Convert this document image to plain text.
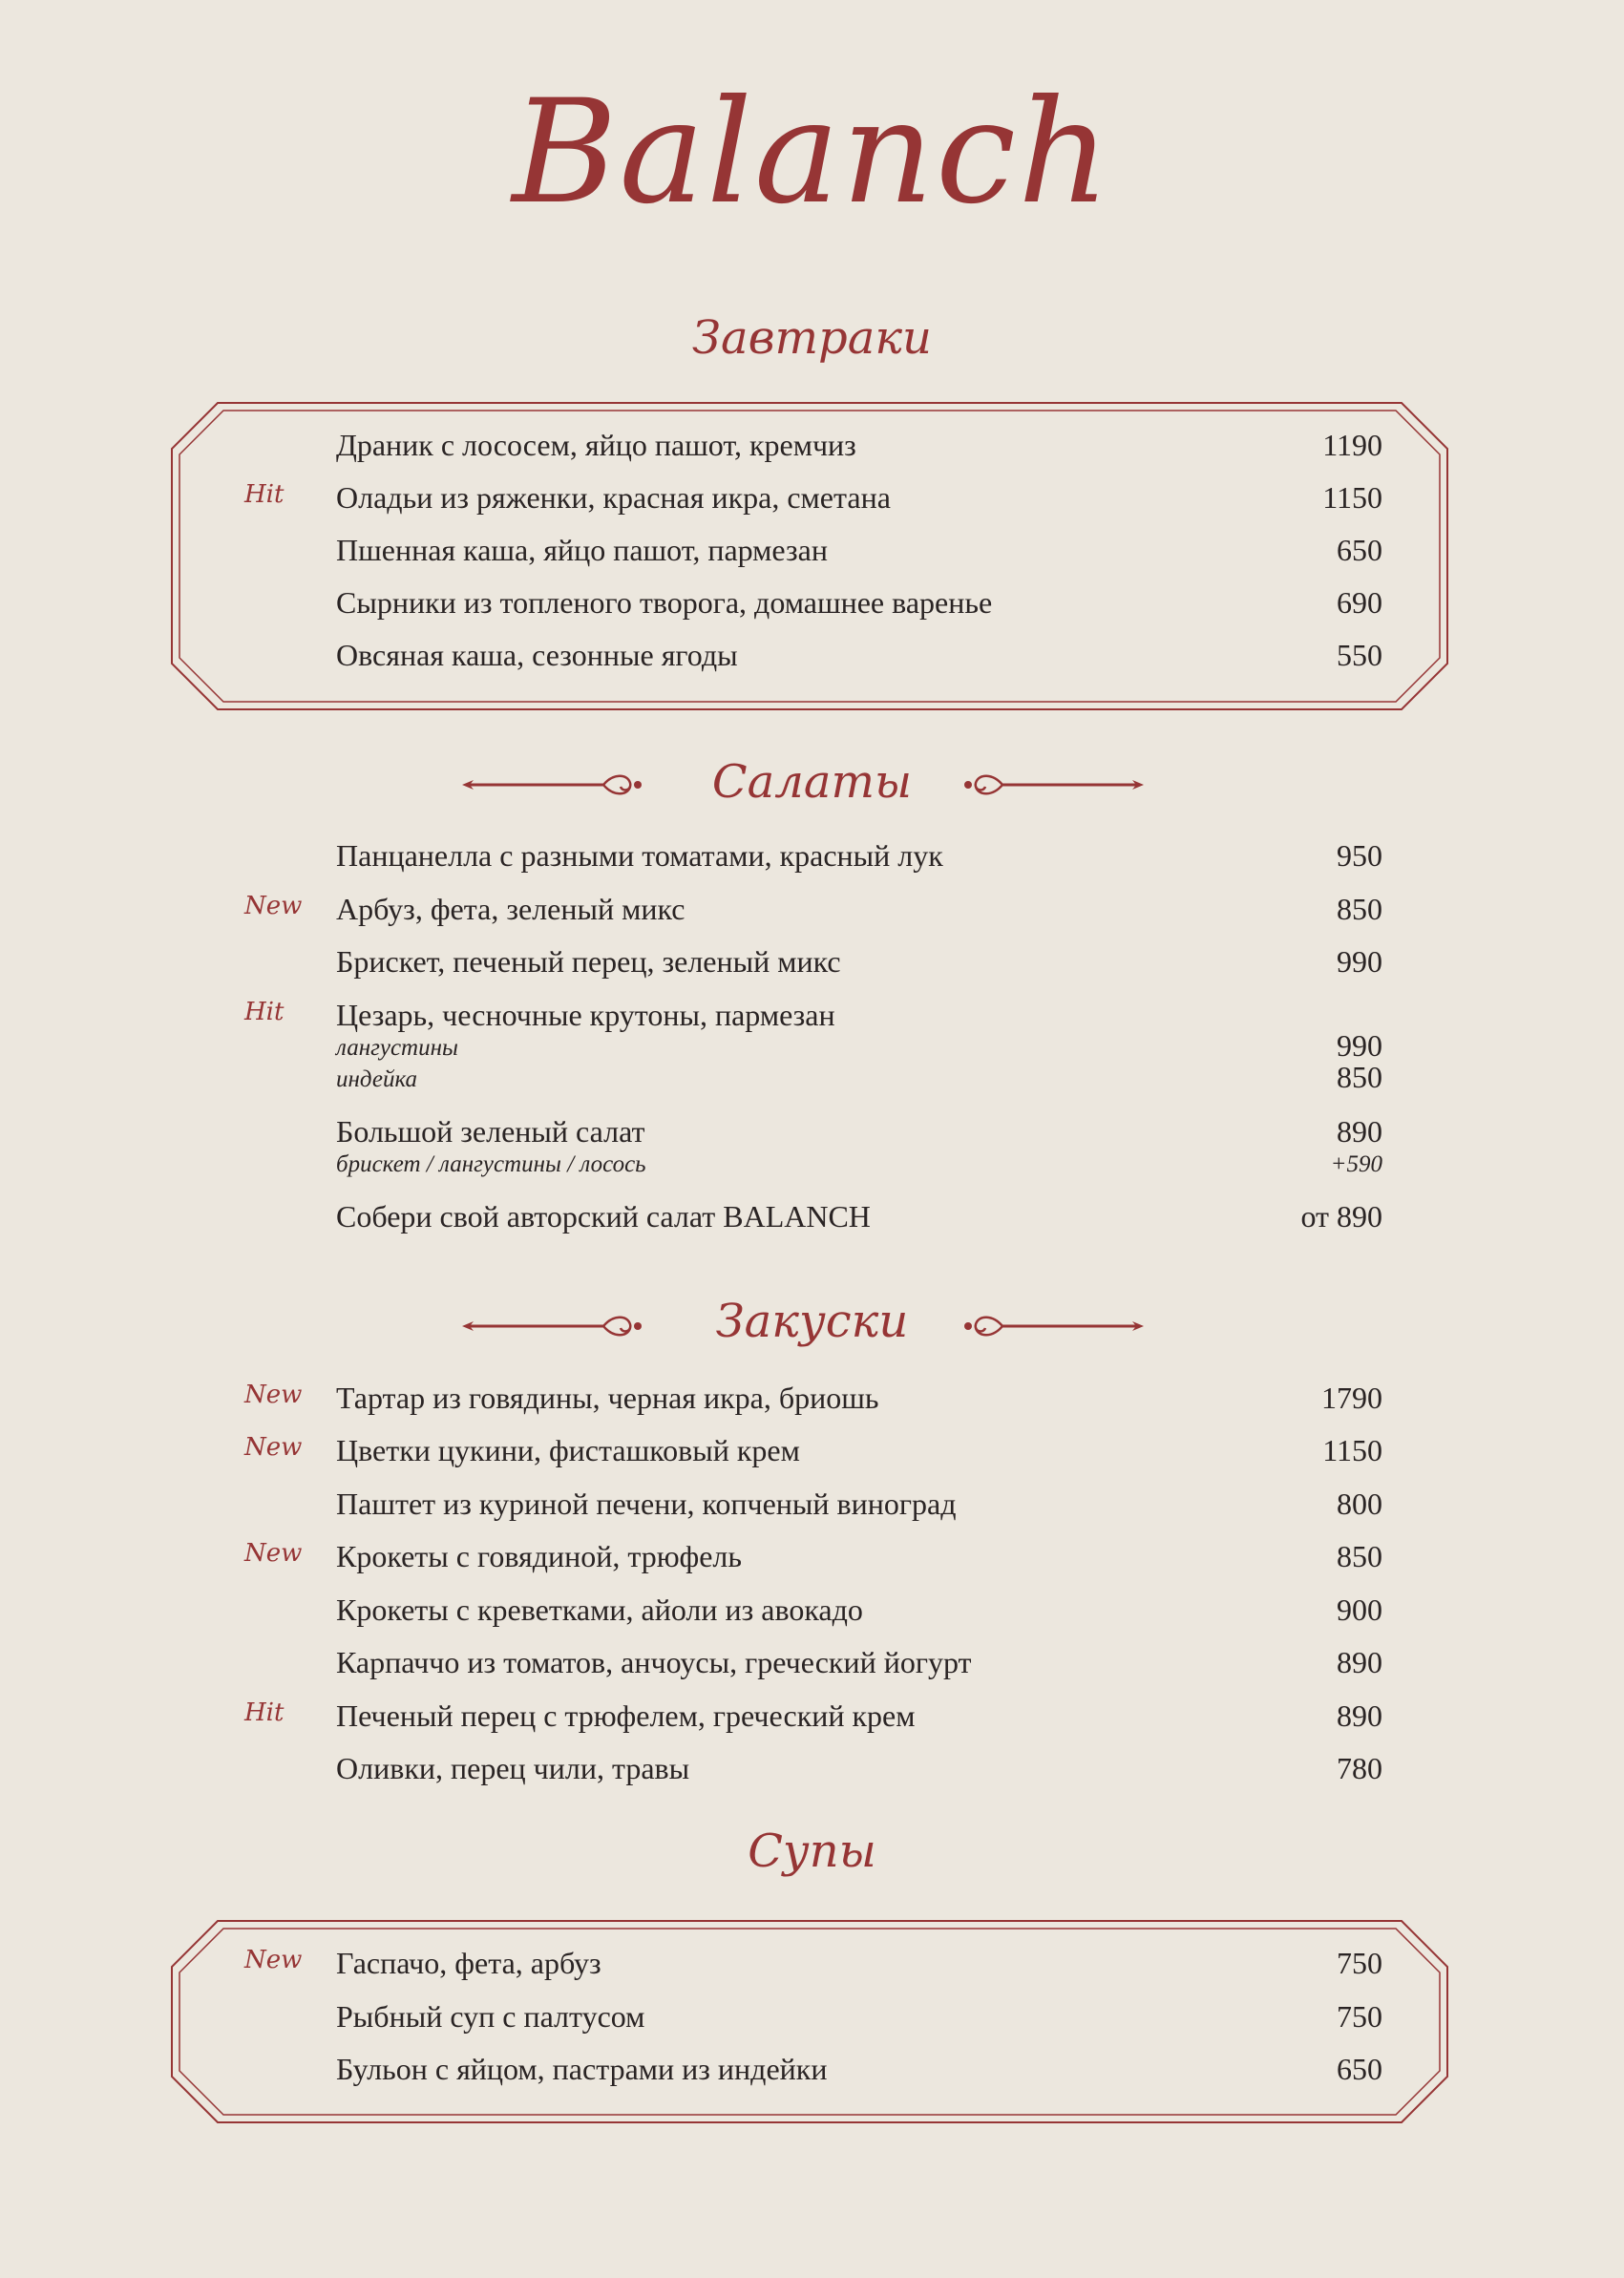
Balanch
Завтраки
Драник с лососем, яйцо пашот, кремчиз	1190
Hit Оладьи из ряженки, красная икра, сметана	1150
Пшенная каша, яйцо пашот, пармезан	650
Сырники из топленого творога, домашнее варенье	690
Овсяная каша, сезонные ягоды	550
Салаты
Панцанелла с разными томатами, красный лук	950
New Арбуз, фета, зеленый микс	850
Брискет, печеный перец, зеленый микс	990
Hit Цезарь, чесночные крутоны, пармезан
лангустины	990
индейка	850
Большой зеленый салат	890
брискет / лангустины / лосось	+590
Собери свой авторский салат BALANCH	от 890
Закуски
New Тартар из говядины, черная икра, бриошь	1790
New Цветки цукини, фисташковый крем	1150
Паштет из куриной печени, копченый виноград	800
New Крокеты с говядиной, трюфель	850
Крокеты с креветками, айоли из авокадо	900
Карпаччо из томатов, анчоусы, греческий йогурт	890
Hit Печеный перец с трюфелем, греческий крем	890
Оливки, перец чили, травы	780
Супы
New Гаспачо, фета, арбуз	750
Рыбный суп с палтусом	750
Бульон с яйцом, пастрами из индейки	650
